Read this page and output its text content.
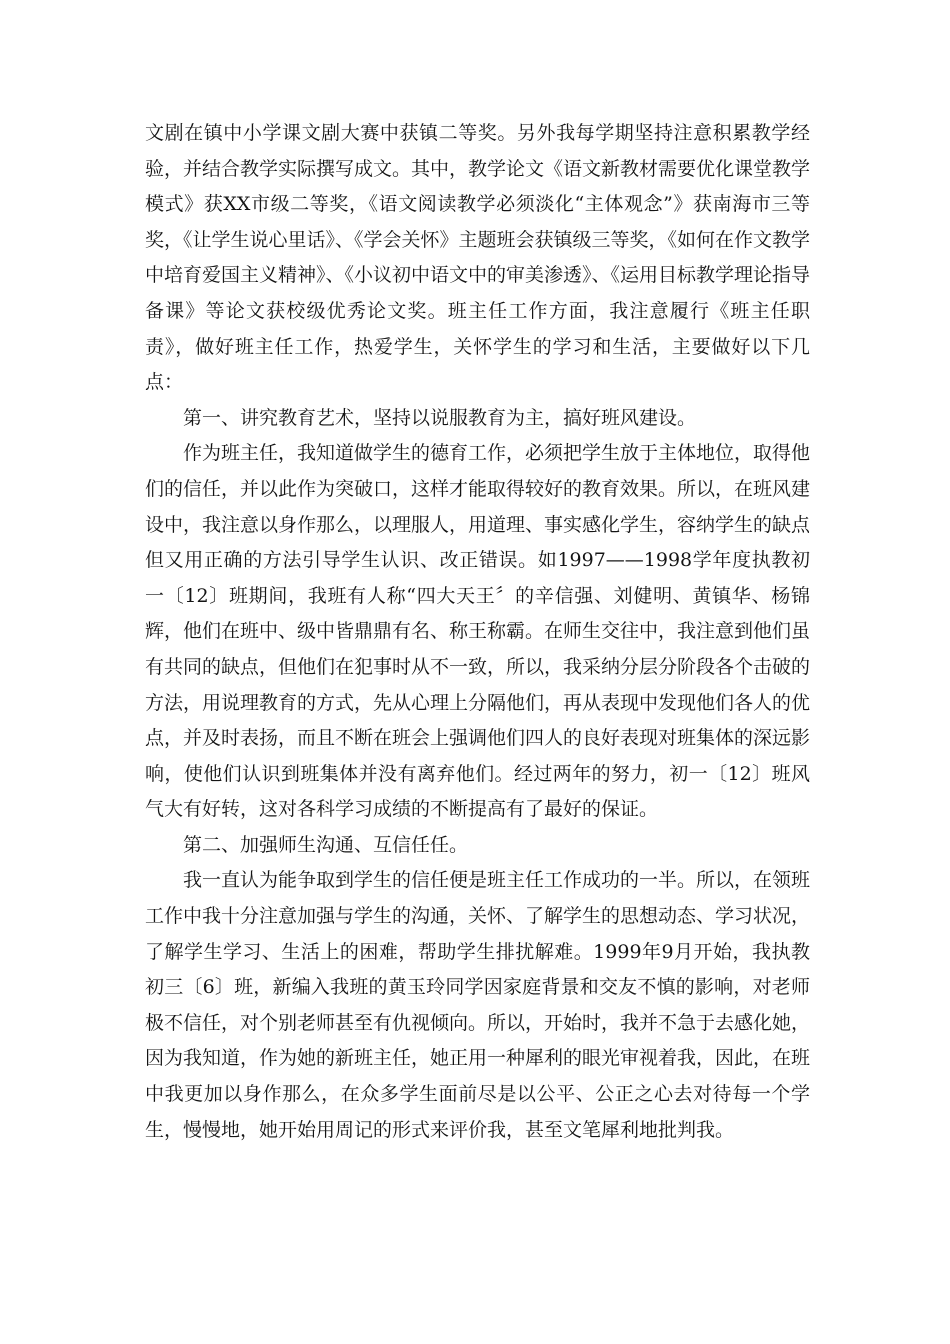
文剧在镇中小学课文剧大赛中获镇二等奖。另外我每学期坚持注意积累教学经验，并结合教学实际撰写成文。其中，教学论文《语文新教材需要优化课堂教学模式》获XX市级二等奖，《语文阅读教学必须淡化“主体观念”》获南海市三等奖，《让学生说心里话》、《学会关怀》主题班会获镇级三等奖，《如何在作文教学中培育爱国主义精神》、《小议初中语文中的审美渗透》、《运用目标教学理论指导备课》等论文获校级优秀论文奖。班主任工作方面，我注意履行《班主任职责》，做好班主任工作，热爱学生，关怀学生的学习和生活，主要做好以下几点：

第一、讲究教育艺术，坚持以说服教育为主，搞好班风建设。

作为班主任，我知道做学生的德育工作，必须把学生放于主体地位，取得他们的信任，并以此作为突破口，这样才能取得较好的教育效果。所以，在班风建设中，我注意以身作那么，以理服人，用道理、事实感化学生，容纳学生的缺点但又用正确的方法引导学生认识、改正错误。如1997——1998学年度执教初一〔12〕班期间，我班有人称“四大天王〞的辛信强、刘健明、黄镇华、杨锦辉，他们在班中、级中皆鼎鼎有名、称王称霸。在师生交往中，我注意到他们虽有共同的缺点，但他们在犯事时从不一致，所以，我采纳分层分阶段各个击破的方法，用说理教育的方式，先从心理上分隔他们，再从表现中发现他们各人的优点，并及时表扬，而且不断在班会上强调他们四人的良好表现对班集体的深远影响，使他们认识到班集体并没有离弃他们。经过两年的努力，初一〔12〕班风气大有好转，这对各科学习成绩的不断提高有了最好的保证。

第二、加强师生沟通、互信任任。

我一直认为能争取到学生的信任便是班主任工作成功的一半。所以，在领班工作中我十分注意加强与学生的沟通，关怀、了解学生的思想动态、学习状况，了解学生学习、生活上的困难，帮助学生排扰解难。1999年9月开始，我执教初三〔6〕班，新编入我班的黄玉玲同学因家庭背景和交友不慎的影响，对老师极不信任，对个别老师甚至有仇视倾向。所以，开始时，我并不急于去感化她，因为我知道，作为她的新班主任，她正用一种犀利的眼光审视着我，因此，在班中我更加以身作那么，在众多学生面前尽是以公平、公正之心去对待每一个学生，慢慢地，她开始用周记的形式来评价我，甚至文笔犀利地批判我。
